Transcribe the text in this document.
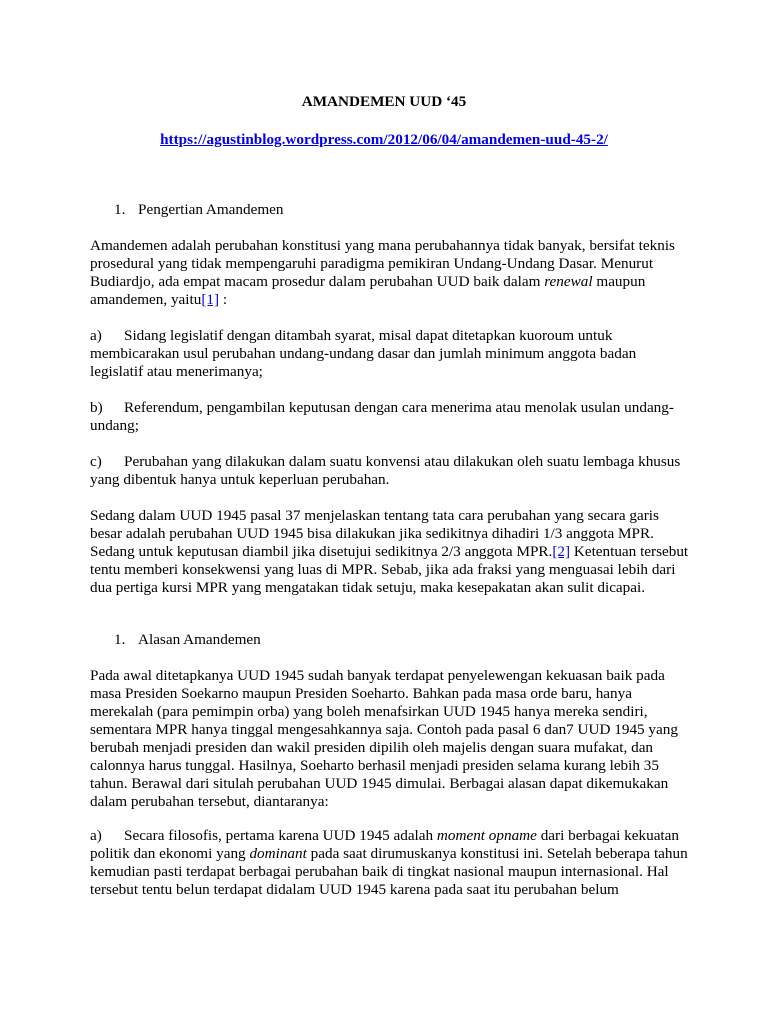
AMANDEMEN UUD ‘45

https://agustinblog.wordpress.com/2012/06/04/amandemen-uud-45-2/

1. Pengertian Amandemen

Amandemen adalah perubahan konstitusi yang mana perubahannya tidak banyak, bersifat teknis prosedural yang tidak mempengaruhi paradigma pemikiran Undang-Undang Dasar. Menurut Budiardjo, ada empat macam prosedur dalam perubahan UUD baik dalam renewal maupun amandemen, yaitu[1] :

a) Sidang legislatif dengan ditambah syarat, misal dapat ditetapkan kuoroum untuk membicarakan usul perubahan undang-undang dasar dan jumlah minimum anggota badan legislatif atau menerimanya;

b) Referendum, pengambilan keputusan dengan cara menerima atau menolak usulan undang-undang;

c) Perubahan yang dilakukan dalam suatu konvensi atau dilakukan oleh suatu lembaga khusus yang dibentuk hanya untuk keperluan perubahan.

Sedang dalam UUD 1945 pasal 37 menjelaskan tentang tata cara perubahan yang secara garis besar adalah perubahan UUD 1945 bisa dilakukan jika sedikitnya dihadiri 1/3 anggota MPR. Sedang untuk keputusan diambil jika disetujui sedikitnya 2/3 anggota MPR.[2] Ketentuan tersebut tentu memberi konsekwensi yang luas di MPR. Sebab, jika ada fraksi yang menguasai lebih dari dua pertiga kursi MPR yang mengatakan tidak setuju, maka kesepakatan akan sulit dicapai.

1. Alasan Amandemen

Pada awal ditetapkanya UUD 1945 sudah banyak terdapat penyelewengan kekuasan baik pada masa Presiden Soekarno maupun Presiden Soeharto. Bahkan pada masa orde baru, hanya merekalah (para pemimpin orba) yang boleh menafsirkan UUD 1945 hanya mereka sendiri, sementara MPR hanya tinggal mengesahkannya saja. Contoh pada pasal 6 dan7 UUD 1945 yang berubah menjadi presiden dan wakil presiden dipilih oleh majelis dengan suara mufakat, dan calonnya harus tunggal. Hasilnya, Soeharto berhasil menjadi presiden selama kurang lebih 35 tahun. Berawal dari situlah perubahan UUD 1945 dimulai. Berbagai alasan dapat dikemukakan dalam perubahan tersebut, diantaranya:

a) Secara filosofis, pertama karena UUD 1945 adalah moment opname dari berbagai kekuatan politik dan ekonomi yang dominant pada saat dirumuskanya konstitusi ini. Setelah beberapa tahun kemudian pasti terdapat berbagai perubahan baik di tingkat nasional maupun internasional. Hal tersebut tentu belun terdapat didalam UUD 1945 karena pada saat itu perubahan belum
